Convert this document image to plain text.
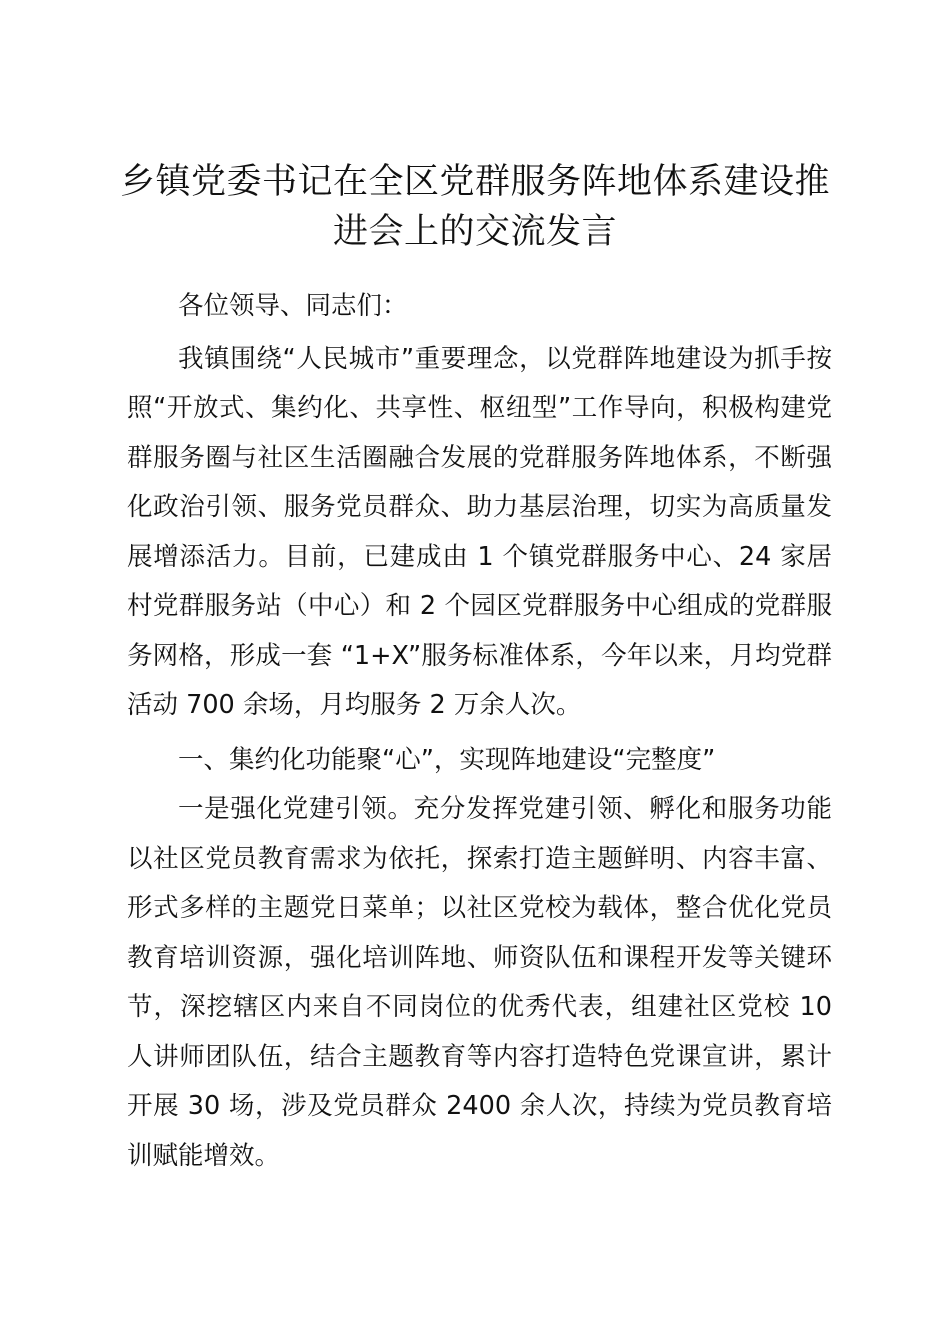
乡镇党委书记在全区党群服务阵地体系建设推
进会上的交流发言

各位领导、同志们：

我镇围绕“人民城市”重要理念，以党群阵地建设为抓手按照“开放式、集约化、共享性、枢纽型”工作导向，积极构建党群服务圈与社区生活圈融合发展的党群服务阵地体系，不断强化政治引领、服务党员群众、助力基层治理，切实为高质量发展增添活力。目前，已建成由 1 个镇党群服务中心、24 家居村党群服务站（中心）和 2 个园区党群服务中心组成的党群服务网格，形成一套 “1+X”服务标准体系，今年以来，月均党群活动 700 余场，月均服务 2 万余人次。

一、集约化功能聚“心”，实现阵地建设“完整度”

一是强化党建引领。充分发挥党建引领、孵化和服务功能以社区党员教育需求为依托，探索打造主题鲜明、内容丰富、形式多样的主题党日菜单；以社区党校为载体，整合优化党员教育培训资源，强化培训阵地、师资队伍和课程开发等关键环节，深挖辖区内来自不同岗位的优秀代表，组建社区党校 10 人讲师团队伍，结合主题教育等内容打造特色党课宣讲，累计开展 30 场，涉及党员群众 2400 余人次，持续为党员教育培训赋能增效。
